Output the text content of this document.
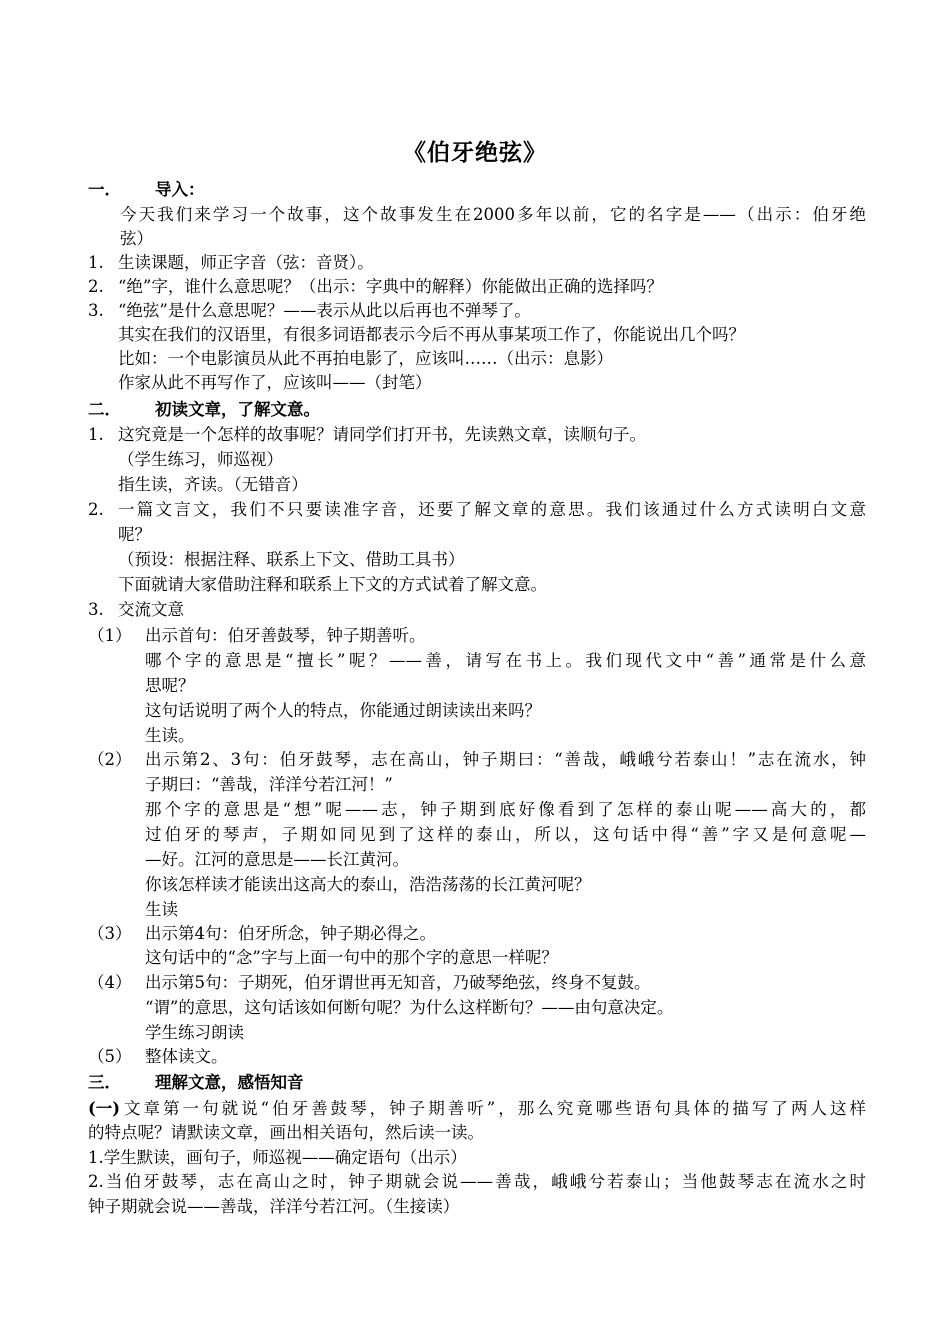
《伯牙绝弦》
一． 导入：
今天我们来学习一个故事，这个故事发生在2000多年以前，它的名字是——（出示：伯牙绝
弦）
1. 生读课题，师正字音（弦：音贤）。
2. “绝”字，谁什么意思呢？（出示：字典中的解释）你能做出正确的选择吗？
3. “绝弦”是什么意思呢？——表示从此以后再也不弹琴了。
其实在我们的汉语里，有很多词语都表示今后不再从事某项工作了，你能说出几个吗？
比如：一个电影演员从此不再拍电影了，应该叫……（出示：息影）
作家从此不再写作了，应该叫——（封笔）
二． 初读文章，了解文意。
1. 这究竟是一个怎样的故事呢？请同学们打开书，先读熟文章，读顺句子。
（学生练习，师巡视）
指生读，齐读。（无错音）
2. 一篇文言文，我们不只要读准字音，还要了解文章的意思。我们该通过什么方式读明白文意
呢？
（预设：根据注释、联系上下文、借助工具书）
下面就请大家借助注释和联系上下文的方式试着了解文意。
3. 交流文意
（1） 出示首句：伯牙善鼓琴，钟子期善听。
哪个字的意思是“擅长”呢？——善，请写在书上。我们现代文中“善”通常是什么意
思呢？
这句话说明了两个人的特点，你能通过朗读读出来吗？
生读。
（2） 出示第2、3句：伯牙鼓琴，志在高山，钟子期曰：“善哉，峨峨兮若泰山！”志在流水，钟
子期曰：“善哉，洋洋兮若江河！”
那个字的意思是“想”呢——志，钟子期到底好像看到了怎样的泰山呢——高大的，都
过伯牙的琴声，子期如同见到了这样的泰山，所以，这句话中得“善”字又是何意呢—
—好。江河的意思是——长江黄河。
你该怎样读才能读出这高大的泰山，浩浩荡荡的长江黄河呢？
生读
（3） 出示第4句：伯牙所念，钟子期必得之。
这句话中的“念”字与上面一句中的那个字的意思一样呢？
（4） 出示第5句：子期死，伯牙谓世再无知音，乃破琴绝弦，终身不复鼓。
“谓”的意思，这句话该如何断句呢？为什么这样断句？——由句意决定。
学生练习朗读
（5） 整体读文。
三． 理解文意，感悟知音
(一) 文章第一句就说“伯牙善鼓琴，钟子期善听”，那么究竟哪些语句具体的描写了两人这样
的特点呢？请默读文章，画出相关语句，然后读一读。
1.学生默读，画句子，师巡视——确定语句（出示）
2.当伯牙鼓琴，志在高山之时，钟子期就会说——善哉，峨峨兮若泰山；当他鼓琴志在流水之时
钟子期就会说——善哉，洋洋兮若江河。（生接读）
